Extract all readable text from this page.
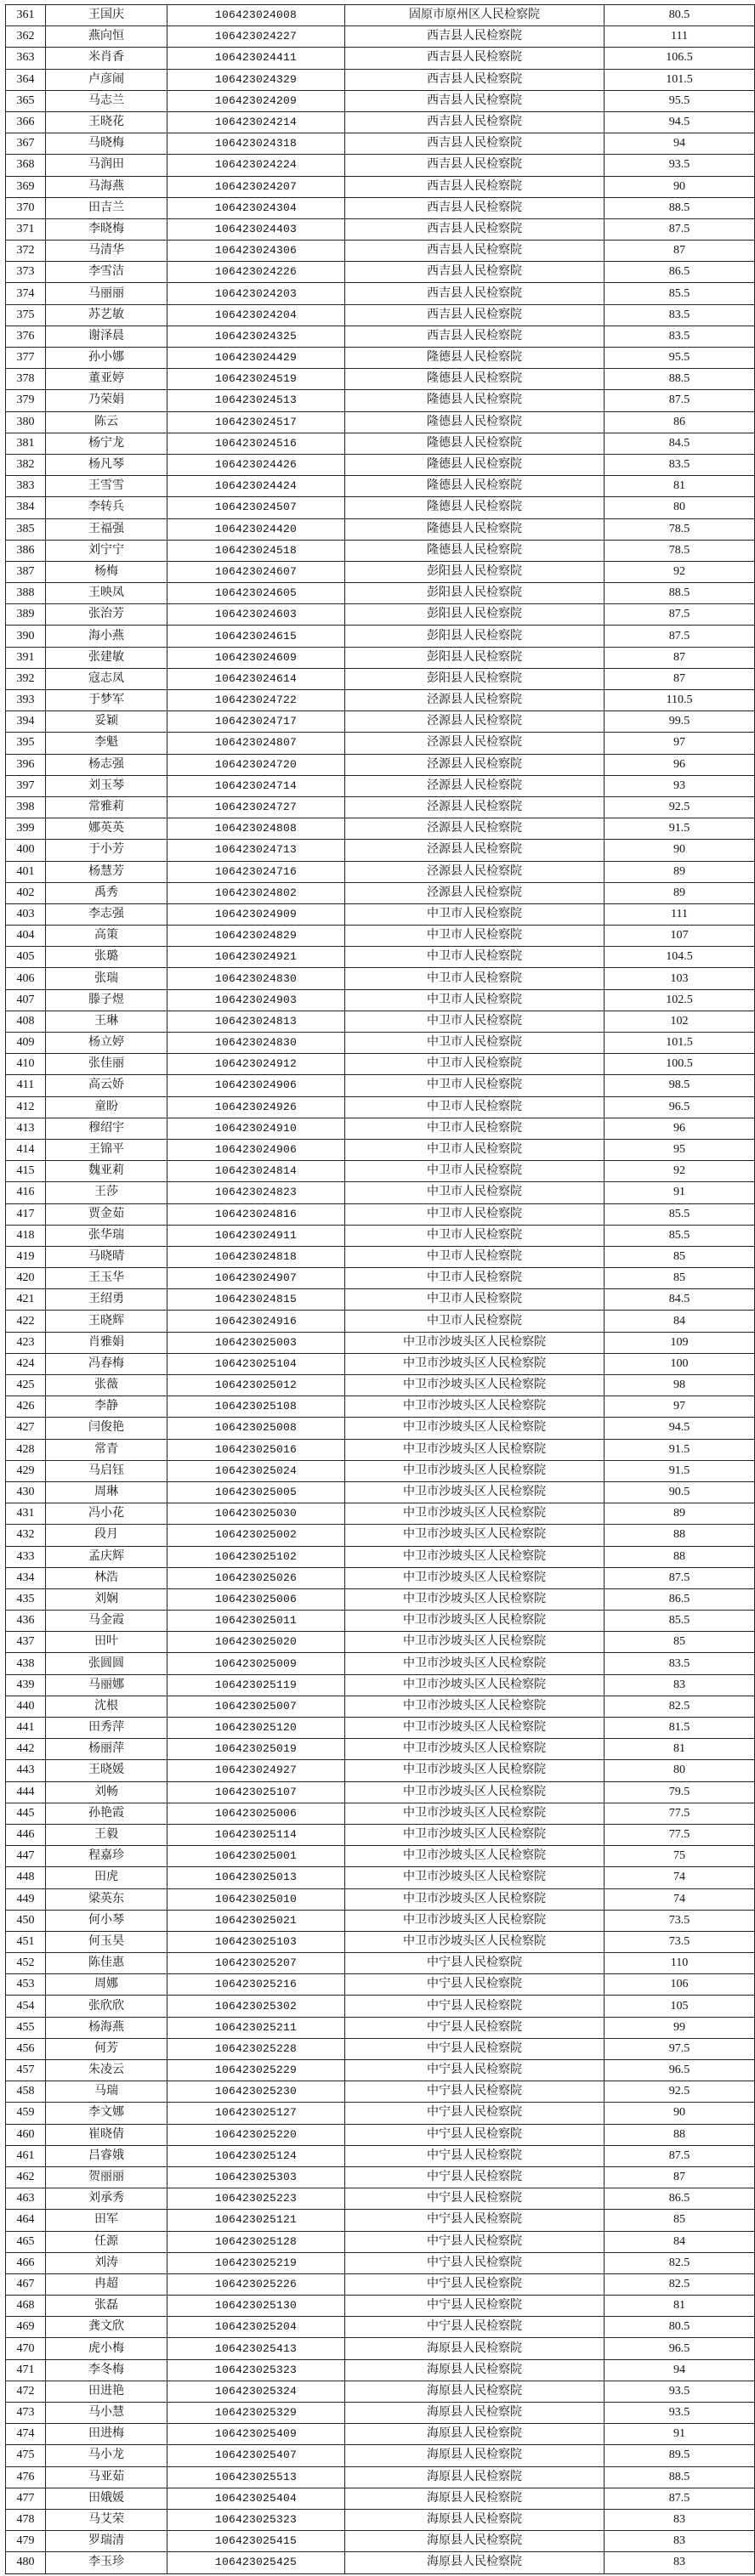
361	王国庆	106423024008	固原市原州区人民检察院	80.5
362	燕向恒	106423024227	西吉县人民检察院	111
363	米肖香	106423024411	西吉县人民检察院	106.5
364	卢彦闹	106423024329	西吉县人民检察院	101.5
365	马志兰	106423024209	西吉县人民检察院	95.5
366	王晓花	106423024214	西吉县人民检察院	94.5
367	马晓梅	106423024318	西吉县人民检察院	94
368	马润田	106423024224	西吉县人民检察院	93.5
369	马海燕	106423024207	西吉县人民检察院	90
370	田吉兰	106423024304	西吉县人民检察院	88.5
371	李晓梅	106423024403	西吉县人民检察院	87.5
372	马清华	106423024306	西吉县人民检察院	87
373	李雪洁	106423024226	西吉县人民检察院	86.5
374	马丽丽	106423024203	西吉县人民检察院	85.5
375	苏艺敏	106423024204	西吉县人民检察院	83.5
376	谢泽晨	106423024325	西吉县人民检察院	83.5
377	孙小娜	106423024429	隆德县人民检察院	95.5
378	董亚婷	106423024519	隆德县人民检察院	88.5
379	乃荣娟	106423024513	隆德县人民检察院	87.5
380	陈云	106423024517	隆德县人民检察院	86
381	杨宁龙	106423024516	隆德县人民检察院	84.5
382	杨凡琴	106423024426	隆德县人民检察院	83.5
383	王雪雪	106423024424	隆德县人民检察院	81
384	李转兵	106423024507	隆德县人民检察院	80
385	王福强	106423024420	隆德县人民检察院	78.5
386	刘宁宁	106423024518	隆德县人民检察院	78.5
387	杨梅	106423024607	彭阳县人民检察院	92
388	王映凤	106423024605	彭阳县人民检察院	88.5
389	张治芳	106423024603	彭阳县人民检察院	87.5
390	海小燕	106423024615	彭阳县人民检察院	87.5
391	张建敏	106423024609	彭阳县人民检察院	87
392	寇志凤	106423024614	彭阳县人民检察院	87
393	于梦军	106423024722	泾源县人民检察院	110.5
394	妥颖	106423024717	泾源县人民检察院	99.5
395	李魁	106423024807	泾源县人民检察院	97
396	杨志强	106423024720	泾源县人民检察院	96
397	刘玉琴	106423024714	泾源县人民检察院	93
398	常雅莉	106423024727	泾源县人民检察院	92.5
399	娜英英	106423024808	泾源县人民检察院	91.5
400	于小芳	106423024713	泾源县人民检察院	90
401	杨慧芳	106423024716	泾源县人民检察院	89
402	禹秀	106423024802	泾源县人民检察院	89
403	李志强	106423024909	中卫市人民检察院	111
404	高策	106423024829	中卫市人民检察院	107
405	张璐	106423024921	中卫市人民检察院	104.5
406	张瑞	106423024830	中卫市人民检察院	103
407	滕子煜	106423024903	中卫市人民检察院	102.5
408	王琳	106423024813	中卫市人民检察院	102
409	杨立婷	106423024830	中卫市人民检察院	101.5
410	张佳丽	106423024912	中卫市人民检察院	100.5
411	高云娇	106423024906	中卫市人民检察院	98.5
412	童盼	106423024926	中卫市人民检察院	96.5
413	穆绍宇	106423024910	中卫市人民检察院	96
414	王锦平	106423024906	中卫市人民检察院	95
415	魏亚莉	106423024814	中卫市人民检察院	92
416	王莎	106423024823	中卫市人民检察院	91
417	贾金茹	106423024816	中卫市人民检察院	85.5
418	张华瑞	106423024911	中卫市人民检察院	85.5
419	马晓晴	106423024818	中卫市人民检察院	85
420	王玉华	106423024907	中卫市人民检察院	85
421	王绍勇	106423024815	中卫市人民检察院	84.5
422	王晓辉	106423024916	中卫市人民检察院	84
423	肖雅娟	106423025003	中卫市沙坡头区人民检察院	109
424	冯春梅	106423025104	中卫市沙坡头区人民检察院	100
425	张薇	106423025012	中卫市沙坡头区人民检察院	98
426	李静	106423025108	中卫市沙坡头区人民检察院	97
427	闫俊艳	106423025008	中卫市沙坡头区人民检察院	94.5
428	常青	106423025016	中卫市沙坡头区人民检察院	91.5
429	马启钰	106423025024	中卫市沙坡头区人民检察院	91.5
430	周琳	106423025005	中卫市沙坡头区人民检察院	90.5
431	冯小花	106423025030	中卫市沙坡头区人民检察院	89
432	段月	106423025002	中卫市沙坡头区人民检察院	88
433	孟庆辉	106423025102	中卫市沙坡头区人民检察院	88
434	林浩	106423025026	中卫市沙坡头区人民检察院	87.5
435	刘娴	106423025006	中卫市沙坡头区人民检察院	86.5
436	马金霞	106423025011	中卫市沙坡头区人民检察院	85.5
437	田叶	106423025020	中卫市沙坡头区人民检察院	85
438	张圆圆	106423025009	中卫市沙坡头区人民检察院	83.5
439	马丽娜	106423025119	中卫市沙坡头区人民检察院	83
440	沈根	106423025007	中卫市沙坡头区人民检察院	82.5
441	田秀萍	106423025120	中卫市沙坡头区人民检察院	81.5
442	杨丽萍	106423025019	中卫市沙坡头区人民检察院	81
443	王晓媛	106423024927	中卫市沙坡头区人民检察院	80
444	刘畅	106423025107	中卫市沙坡头区人民检察院	79.5
445	孙艳霞	106423025006	中卫市沙坡头区人民检察院	77.5
446	王毅	106423025114	中卫市沙坡头区人民检察院	77.5
447	程嘉珍	106423025001	中卫市沙坡头区人民检察院	75
448	田虎	106423025013	中卫市沙坡头区人民检察院	74
449	梁英东	106423025010	中卫市沙坡头区人民检察院	74
450	何小琴	106423025021	中卫市沙坡头区人民检察院	73.5
451	何玉昊	106423025103	中卫市沙坡头区人民检察院	73.5
452	陈佳惠	106423025207	中宁县人民检察院	110
453	周娜	106423025216	中宁县人民检察院	106
454	张欣欣	106423025302	中宁县人民检察院	105
455	杨海燕	106423025211	中宁县人民检察院	99
456	何芳	106423025228	中宁县人民检察院	97.5
457	朱凌云	106423025229	中宁县人民检察院	96.5
458	马瑞	106423025230	中宁县人民检察院	92.5
459	李文娜	106423025127	中宁县人民检察院	90
460	崔晓倩	106423025220	中宁县人民检察院	88
461	吕睿娥	106423025124	中宁县人民检察院	87.5
462	贺丽丽	106423025303	中宁县人民检察院	87
463	刘承秀	106423025223	中宁县人民检察院	86.5
464	田军	106423025121	中宁县人民检察院	85
465	任源	106423025128	中宁县人民检察院	84
466	刘涛	106423025219	中宁县人民检察院	82.5
467	冉超	106423025226	中宁县人民检察院	82.5
468	张磊	106423025130	中宁县人民检察院	81
469	龚文欣	106423025204	中宁县人民检察院	80.5
470	虎小梅	106423025413	海原县人民检察院	96.5
471	李冬梅	106423025323	海原县人民检察院	94
472	田进艳	106423025324	海原县人民检察院	93.5
473	马小慧	106423025329	海原县人民检察院	93.5
474	田进梅	106423025409	海原县人民检察院	91
475	马小龙	106423025407	海原县人民检察院	89.5
476	马亚茹	106423025513	海原县人民检察院	88.5
477	田娥媛	106423025404	海原县人民检察院	87.5
478	马艾荣	106423025323	海原县人民检察院	83
479	罗瑞清	106423025415	海原县人民检察院	83
480	李玉珍	106423025425	海原县人民检察院	83
